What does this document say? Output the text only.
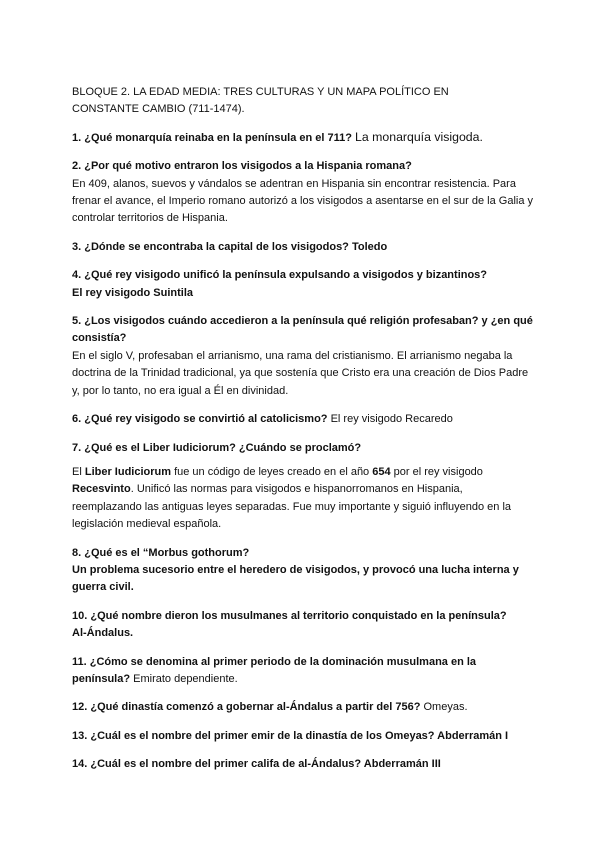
BLOQUE 2. LA EDAD MEDIA: TRES CULTURAS Y UN MAPA POLÍTICO EN

CONSTANTE CAMBIO (711-1474).

1. ¿Qué monarquía reinaba en la península en el 711? La monarquía visigoda.

2. ¿Por qué motivo entraron los visigodos a la Hispania romana?

En 409, alanos, suevos y vándalos se adentran en Hispania sin encontrar resistencia. Para frenar el avance, el Imperio romano autorizó a los visigodos a asentarse en el sur de la Galia y controlar territorios de Hispania.

3. ¿Dónde se encontraba la capital de los visigodos? Toledo

4. ¿Qué rey visigodo unificó la península expulsando a visigodos y bizantinos?

El rey visigodo Suintila

5. ¿Los visigodos cuándo accedieron a la península qué religión profesaban? y ¿en qué consistía?

En el siglo V, profesaban el arrianismo, una rama del cristianismo. El arrianismo negaba la doctrina de la Trinidad tradicional, ya que sostenía que Cristo era una creación de Dios Padre y, por lo tanto, no era igual a Él en divinidad.

6. ¿Qué rey visigodo se convirtió al catolicismo? El rey visigodo Recaredo

7. ¿Qué es el Liber Iudiciorum? ¿Cuándo se proclamó?

El Liber Iudiciorum fue un código de leyes creado en el año 654 por el rey visigodo Recesvinto. Unificó las normas para visigodos e hispanorromanos en Hispania, reemplazando las antiguas leyes separadas. Fue muy importante y siguió influyendo en la legislación medieval española.

8. ¿Qué es el “Morbus gothorum?

Un problema sucesorio entre el heredero de visigodos, y provocó una lucha interna y guerra civil.

10. ¿Qué nombre dieron los musulmanes al territorio conquistado en la península?

Al-Ándalus.

11. ¿Cómo se denomina al primer periodo de la dominación musulmana en la península? Emirato dependiente.

12. ¿Qué dinastía comenzó a gobernar al-Ándalus a partir del 756? Omeyas.

13. ¿Cuál es el nombre del primer emir de la dinastía de los Omeyas? Abderramán I

14. ¿Cuál es el nombre del primer califa de al-Ándalus? Abderramán III
